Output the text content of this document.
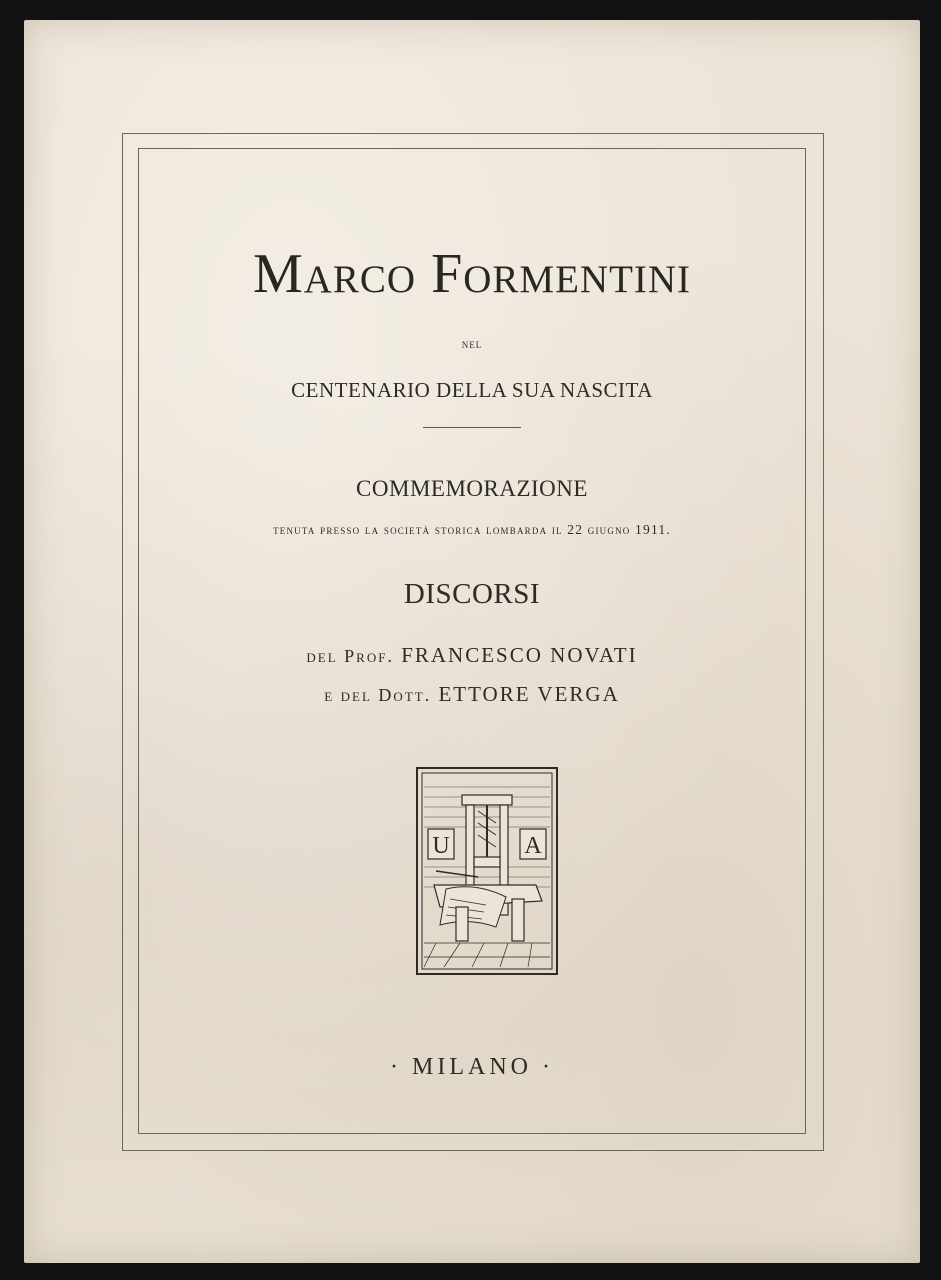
Marco Formentini
NEL
CENTENARIO DELLA SUA NASCITA
COMMEMORAZIONE
tenuta presso la società storica lombarda il 22 giugno 1911.
DISCORSI
del Prof. FRANCESCO NOVATI
e del Dott. ETTORE VERGA
U	A
· MILANO ·
